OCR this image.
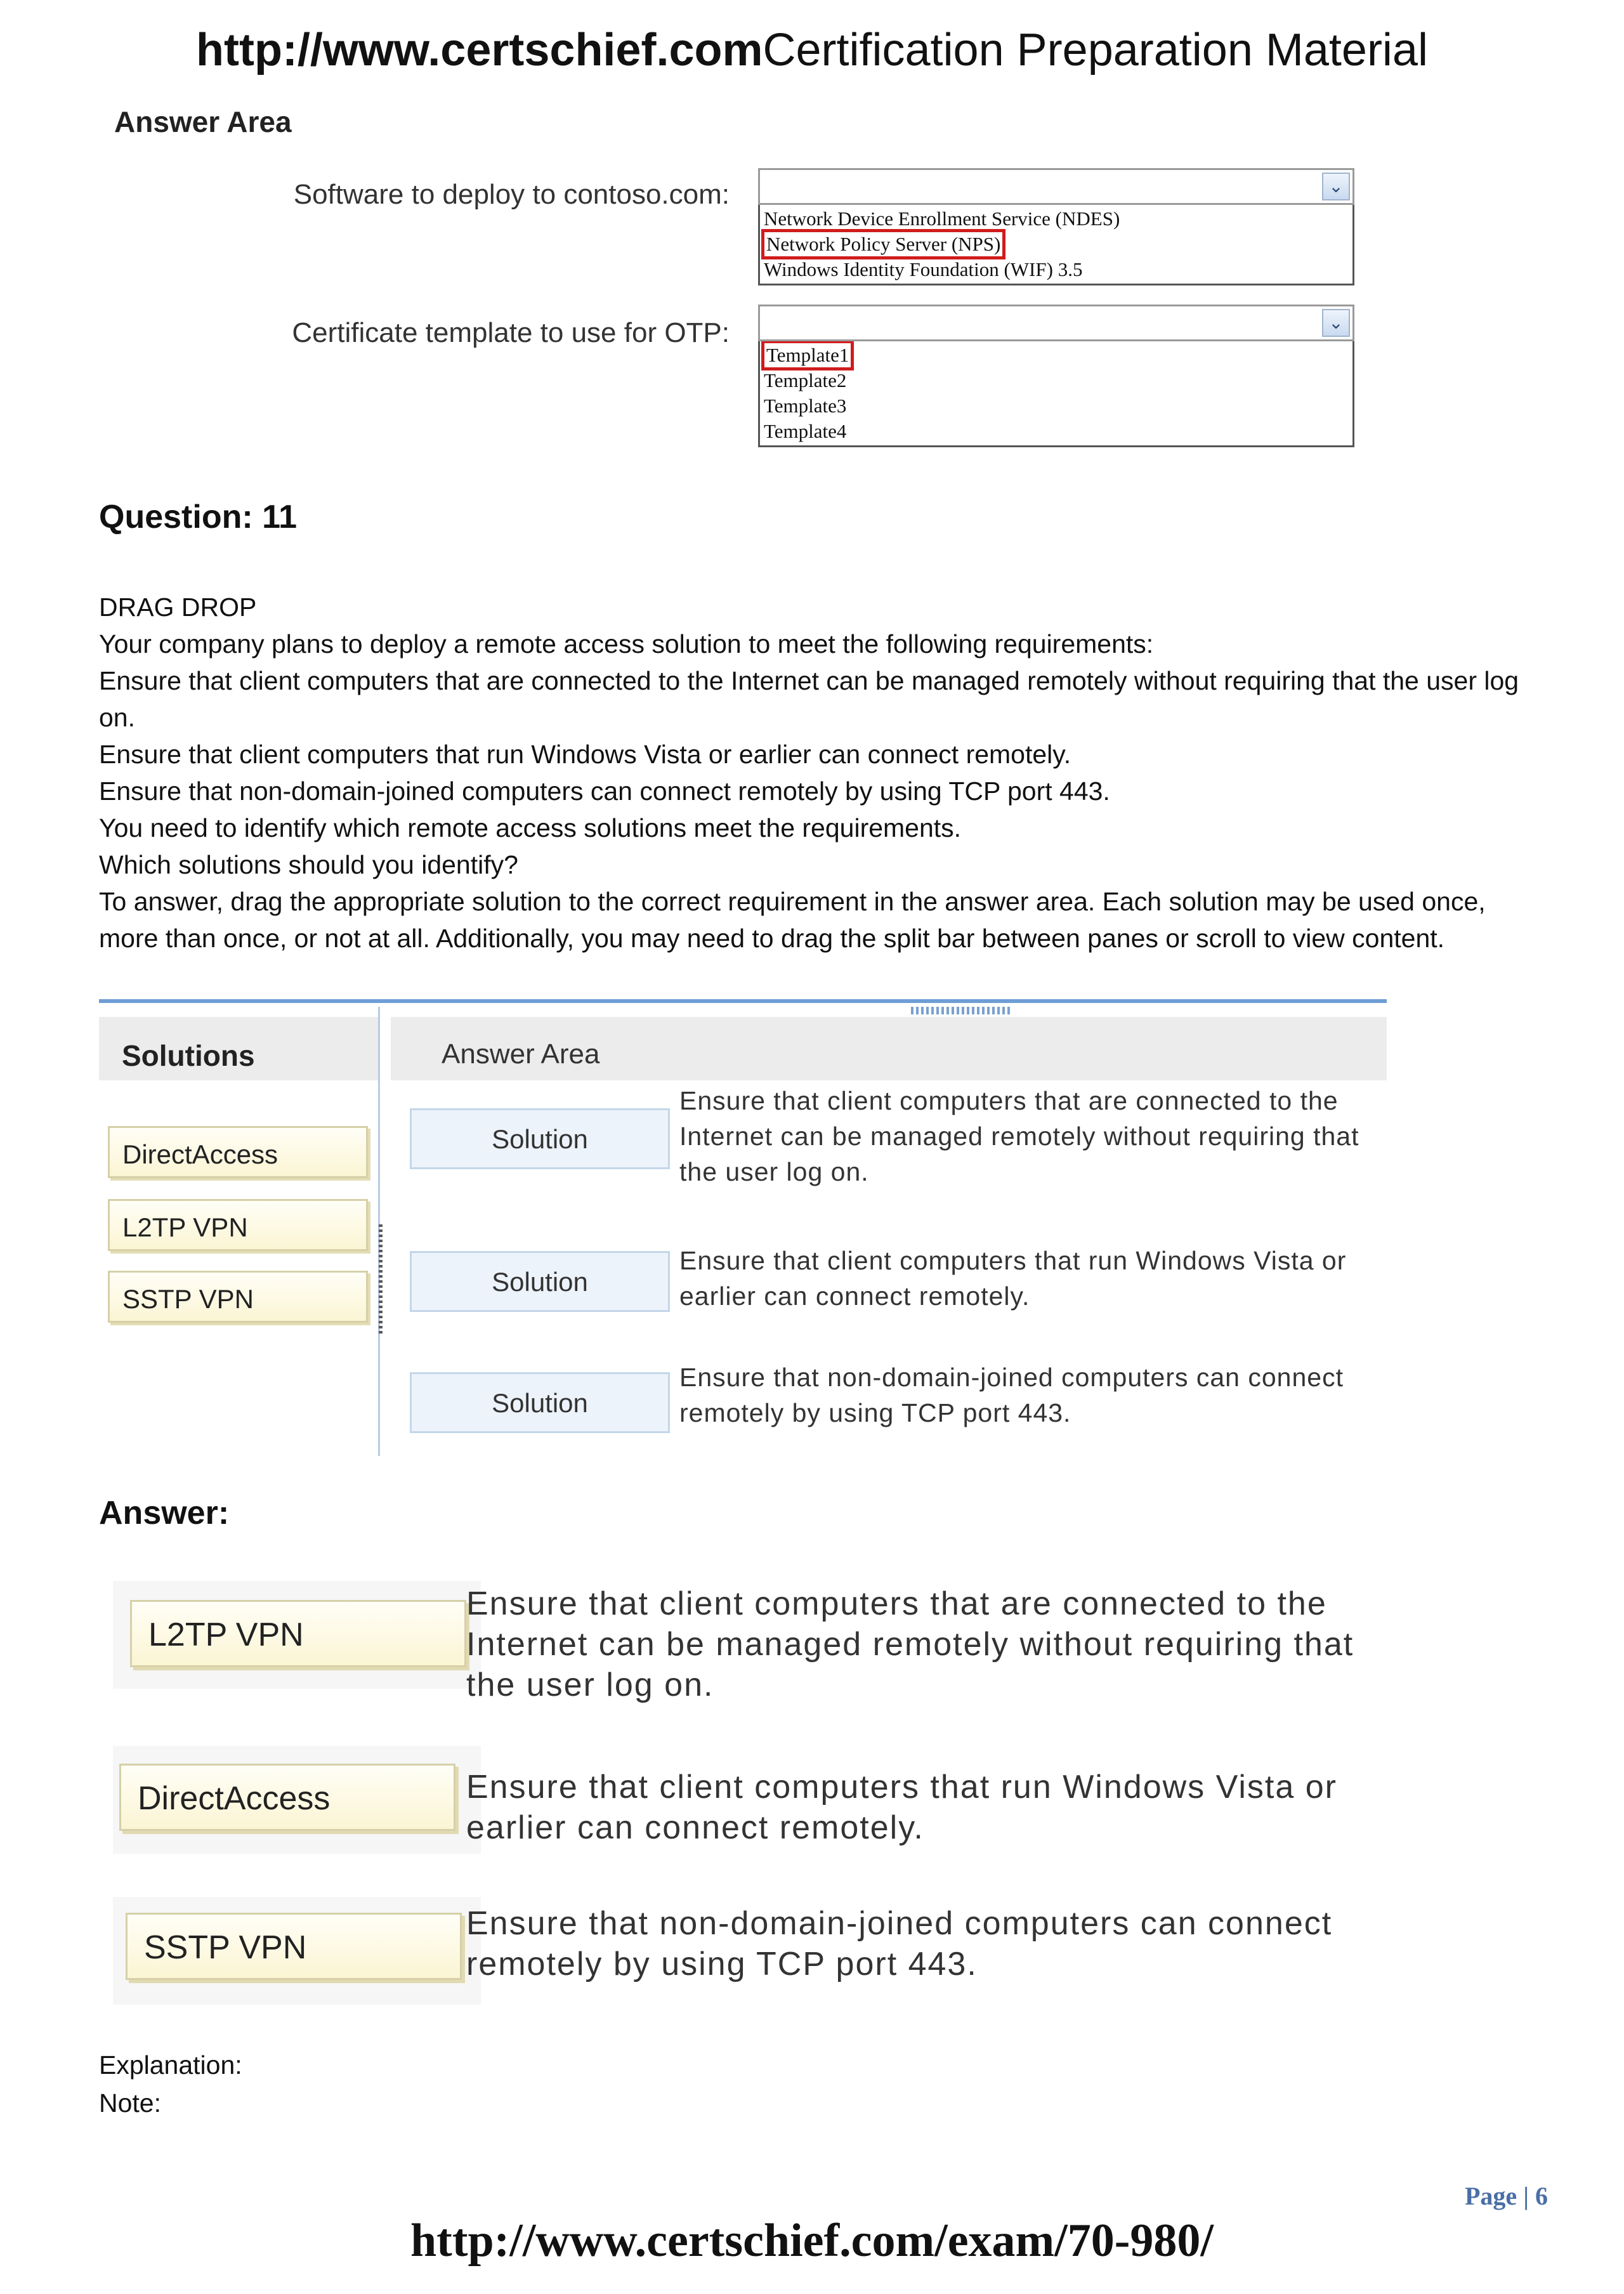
http://www.certschief.comCertification Preparation Material
Answer Area
Software to deploy to contoso.com:	⌄
Network Device Enrollment Service (NDES)
Network Policy Server (NPS)
Windows Identity Foundation (WIF) 3.5
Certificate template to use for OTP:	⌄
Template1
Template2
Template3
Template4
Question: 11

DRAG DROP

Your company plans to deploy a remote access solution to meet the following requirements:

Ensure that client computers that are connected to the Internet can be managed remotely without requiring that the user log on.

Ensure that client computers that run Windows Vista or earlier can connect remotely.

Ensure that non-domain-joined computers can connect remotely by using TCP port 443.

You need to identify which remote access solutions meet the requirements.

Which solutions should you identify?

To answer, drag the appropriate solution to the correct requirement in the answer area. Each solution may be used once, more than once, or not at all. Additionally, you may need to drag the split bar between panes or scroll to view content.

Solutions	Answer Area
DirectAccess
L2TP VPN
SSTP VPN
Solution
Ensure that client computers that are connected to the Internet can be managed remotely without requiring that the user log on.
Solution
Ensure that client computers that run Windows Vista or earlier can connect remotely.
Solution
Ensure that non-domain-joined computers can connect remotely by using TCP port 443.
Answer:
L2TP VPN
Ensure that client computers that are connected to the Internet can be managed remotely without requiring that the user log on.
DirectAccess	Ensure that client computers that run Windows Vista or earlier can connect remotely.
SSTP VPN
Ensure that non-domain-joined computers can connect remotely by using TCP port 443.
Explanation:
Note:
Page | 6
http://www.certschief.com/exam/70-980/
